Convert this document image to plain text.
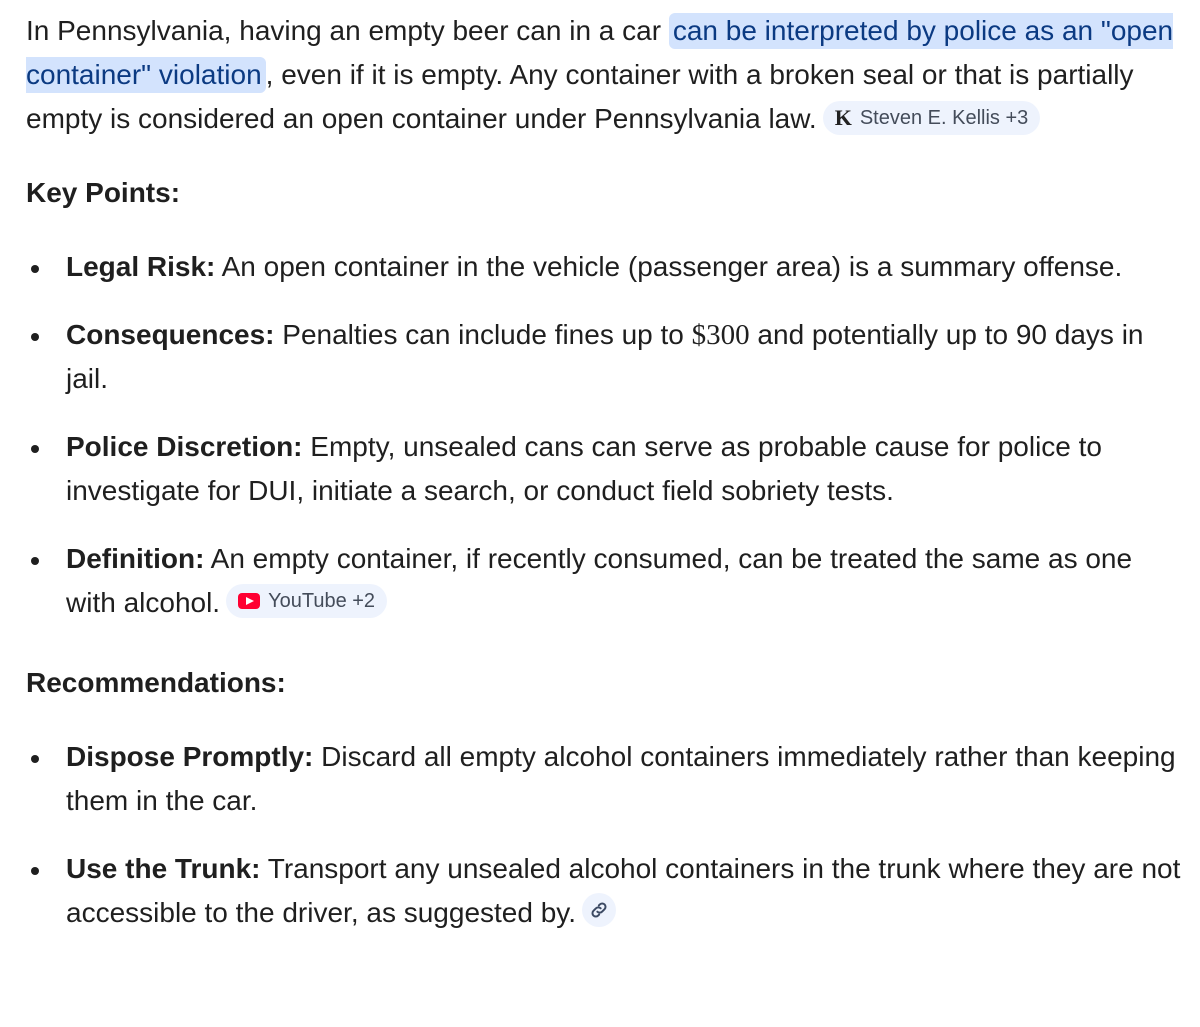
In Pennsylvania, having an empty beer can in a car can be interpreted by police as an "open container" violation , even if it is empty. Any container with a broken seal or that is partially empty is considered an open container under Pennsylvania law. K Steven E. Kellis +3

Key Points:
Legal Risk: An open container in the vehicle (passenger area) is a summary offense.
Consequences: Penalties can include fines up to $300 and potentially up to 90 days in jail.
Police Discretion: Empty, unsealed cans can serve as probable cause for police to investigate for DUI, initiate a search, or conduct field sobriety tests.
Definition: An empty container, if recently consumed, can be treated the same as one with alcohol. YouTube +2
Recommendations:
Dispose Promptly: Discard all empty alcohol containers immediately rather than keeping them in the car.
Use the Trunk: Transport any unsealed alcohol containers in the trunk where they are not accessible to the driver, as suggested by.
